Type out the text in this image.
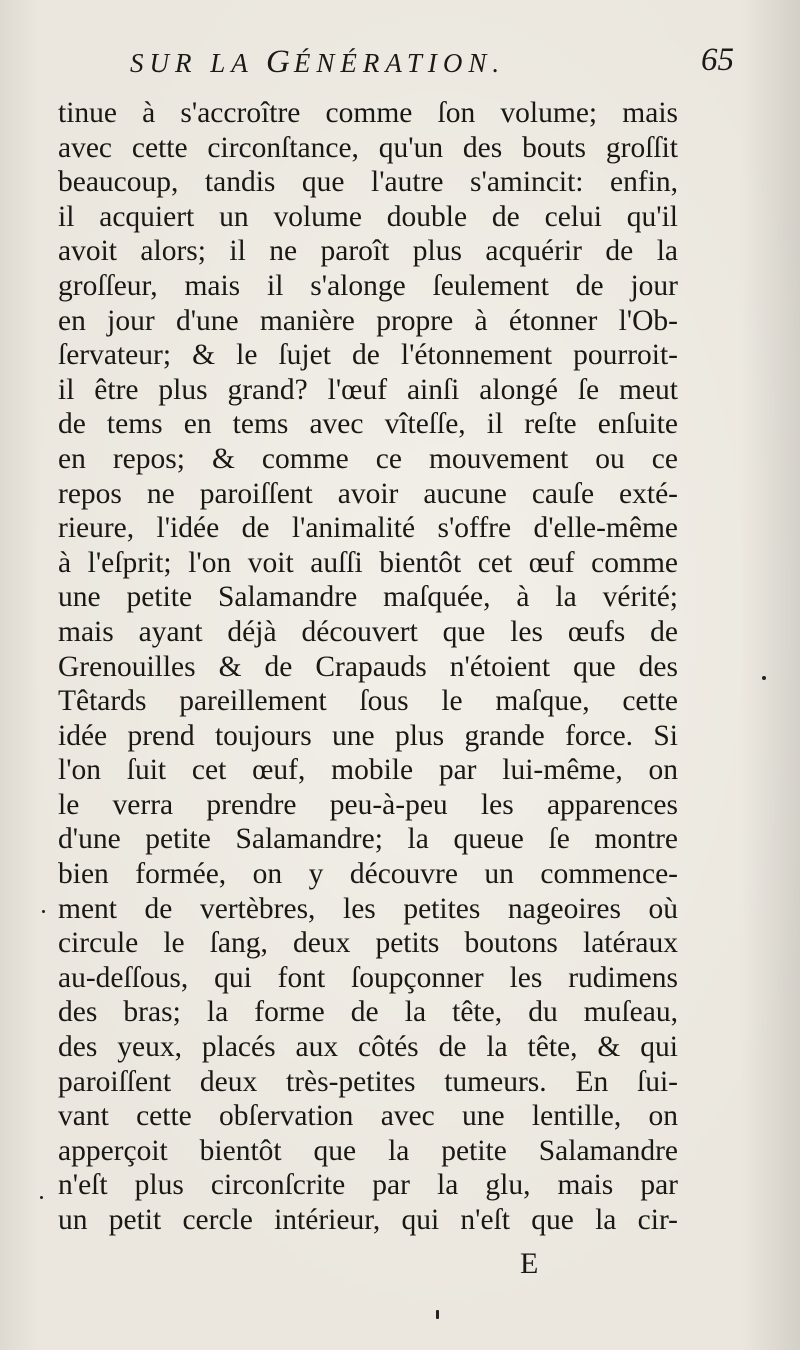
SUR LA GÉNÉRATION.	65
tinue à s'accroître comme ſon volume; mais
avec cette circonſtance, qu'un des bouts groſſit
beaucoup, tandis que l'autre s'amincit: enfin,
il acquiert un volume double de celui qu'il
avoit alors; il ne paroît plus acquérir de la
groſſeur, mais il s'alonge ſeulement de jour
en jour d'une manière propre à étonner l'Ob-
ſervateur; & le ſujet de l'étonnement pourroit-
il être plus grand? l'œuf ainſi alongé ſe meut
de tems en tems avec vîteſſe, il reſte enſuite
en repos; & comme ce mouvement ou ce
repos ne paroiſſent avoir aucune cauſe exté-
rieure, l'idée de l'animalité s'offre d'elle-même
à l'eſprit; l'on voit auſſi bientôt cet œuf comme
une petite Salamandre maſquée, à la vérité;
mais ayant déjà découvert que les œufs de
Grenouilles & de Crapauds n'étoient que des
Têtards pareillement ſous le maſque, cette
idée prend toujours une plus grande force. Si
l'on ſuit cet œuf, mobile par lui-même, on
le verra prendre peu-à-peu les apparences
d'une petite Salamandre; la queue ſe montre
bien formée, on y découvre un commence-
ment de vertèbres, les petites nageoires où
circule le ſang, deux petits boutons latéraux
au-deſſous, qui font ſoupçonner les rudimens
des bras; la forme de la tête, du muſeau,
des yeux, placés aux côtés de la tête, & qui
paroiſſent deux très-petites tumeurs. En ſui-
vant cette obſervation avec une lentille, on
apperçoit bientôt que la petite Salamandre
n'eſt plus circonſcrite par la glu, mais par
un petit cercle intérieur, qui n'eſt que la cir-
E
